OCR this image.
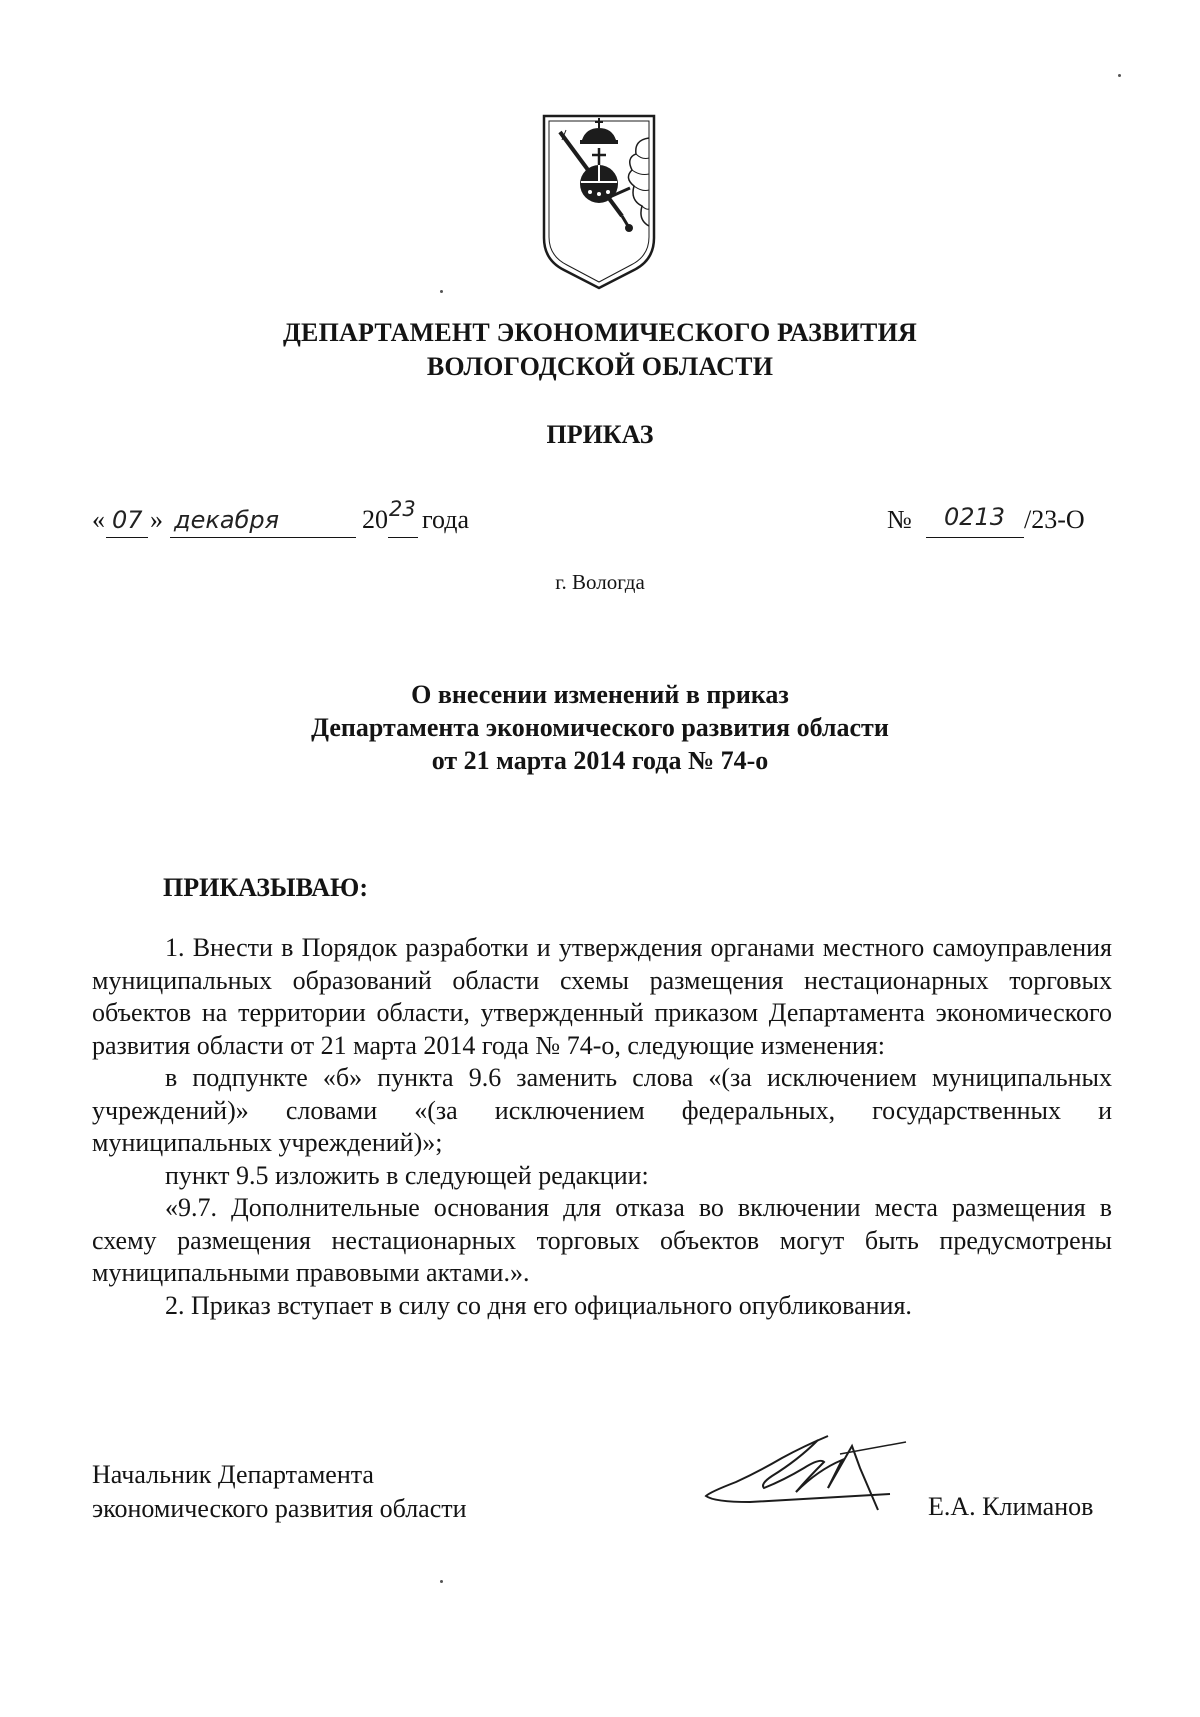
ДЕПАРТАМЕНТ ЭКОНОМИЧЕСКОГО РАЗВИТИЯ
ВОЛОГОДСКОЙ ОБЛАСТИ
ПРИКАЗ
« 07 » декабря	20 23 года	№ 0213 /23-О
г. Вологда
О внесении изменений в приказ
Департамента экономического развития области
от 21 марта 2014 года № 74-о
ПРИКАЗЫВАЮ:

1. Внести в Порядок разработки и утверждения органами местного самоуправления муниципальных образований области схемы размещения нестационарных торговых объектов на территории области, утвержденный приказом Департамента экономического развития области от 21 марта 2014 года № 74-о, следующие изменения:

в подпункте «б» пункта 9.6 заменить слова «(за исключением муниципальных учреждений)» словами «(за исключением федеральных, государственных и муниципальных учреждений)»;

пункт 9.5 изложить в следующей редакции:

«9.7. Дополнительные основания для отказа во включении места размещения в схему размещения нестационарных торговых объектов могут быть предусмотрены муниципальными правовыми актами.».

2. Приказ вступает в силу со дня его официального опубликования.

Начальник Департамента
экономического развития области	Е.А. Климанов
